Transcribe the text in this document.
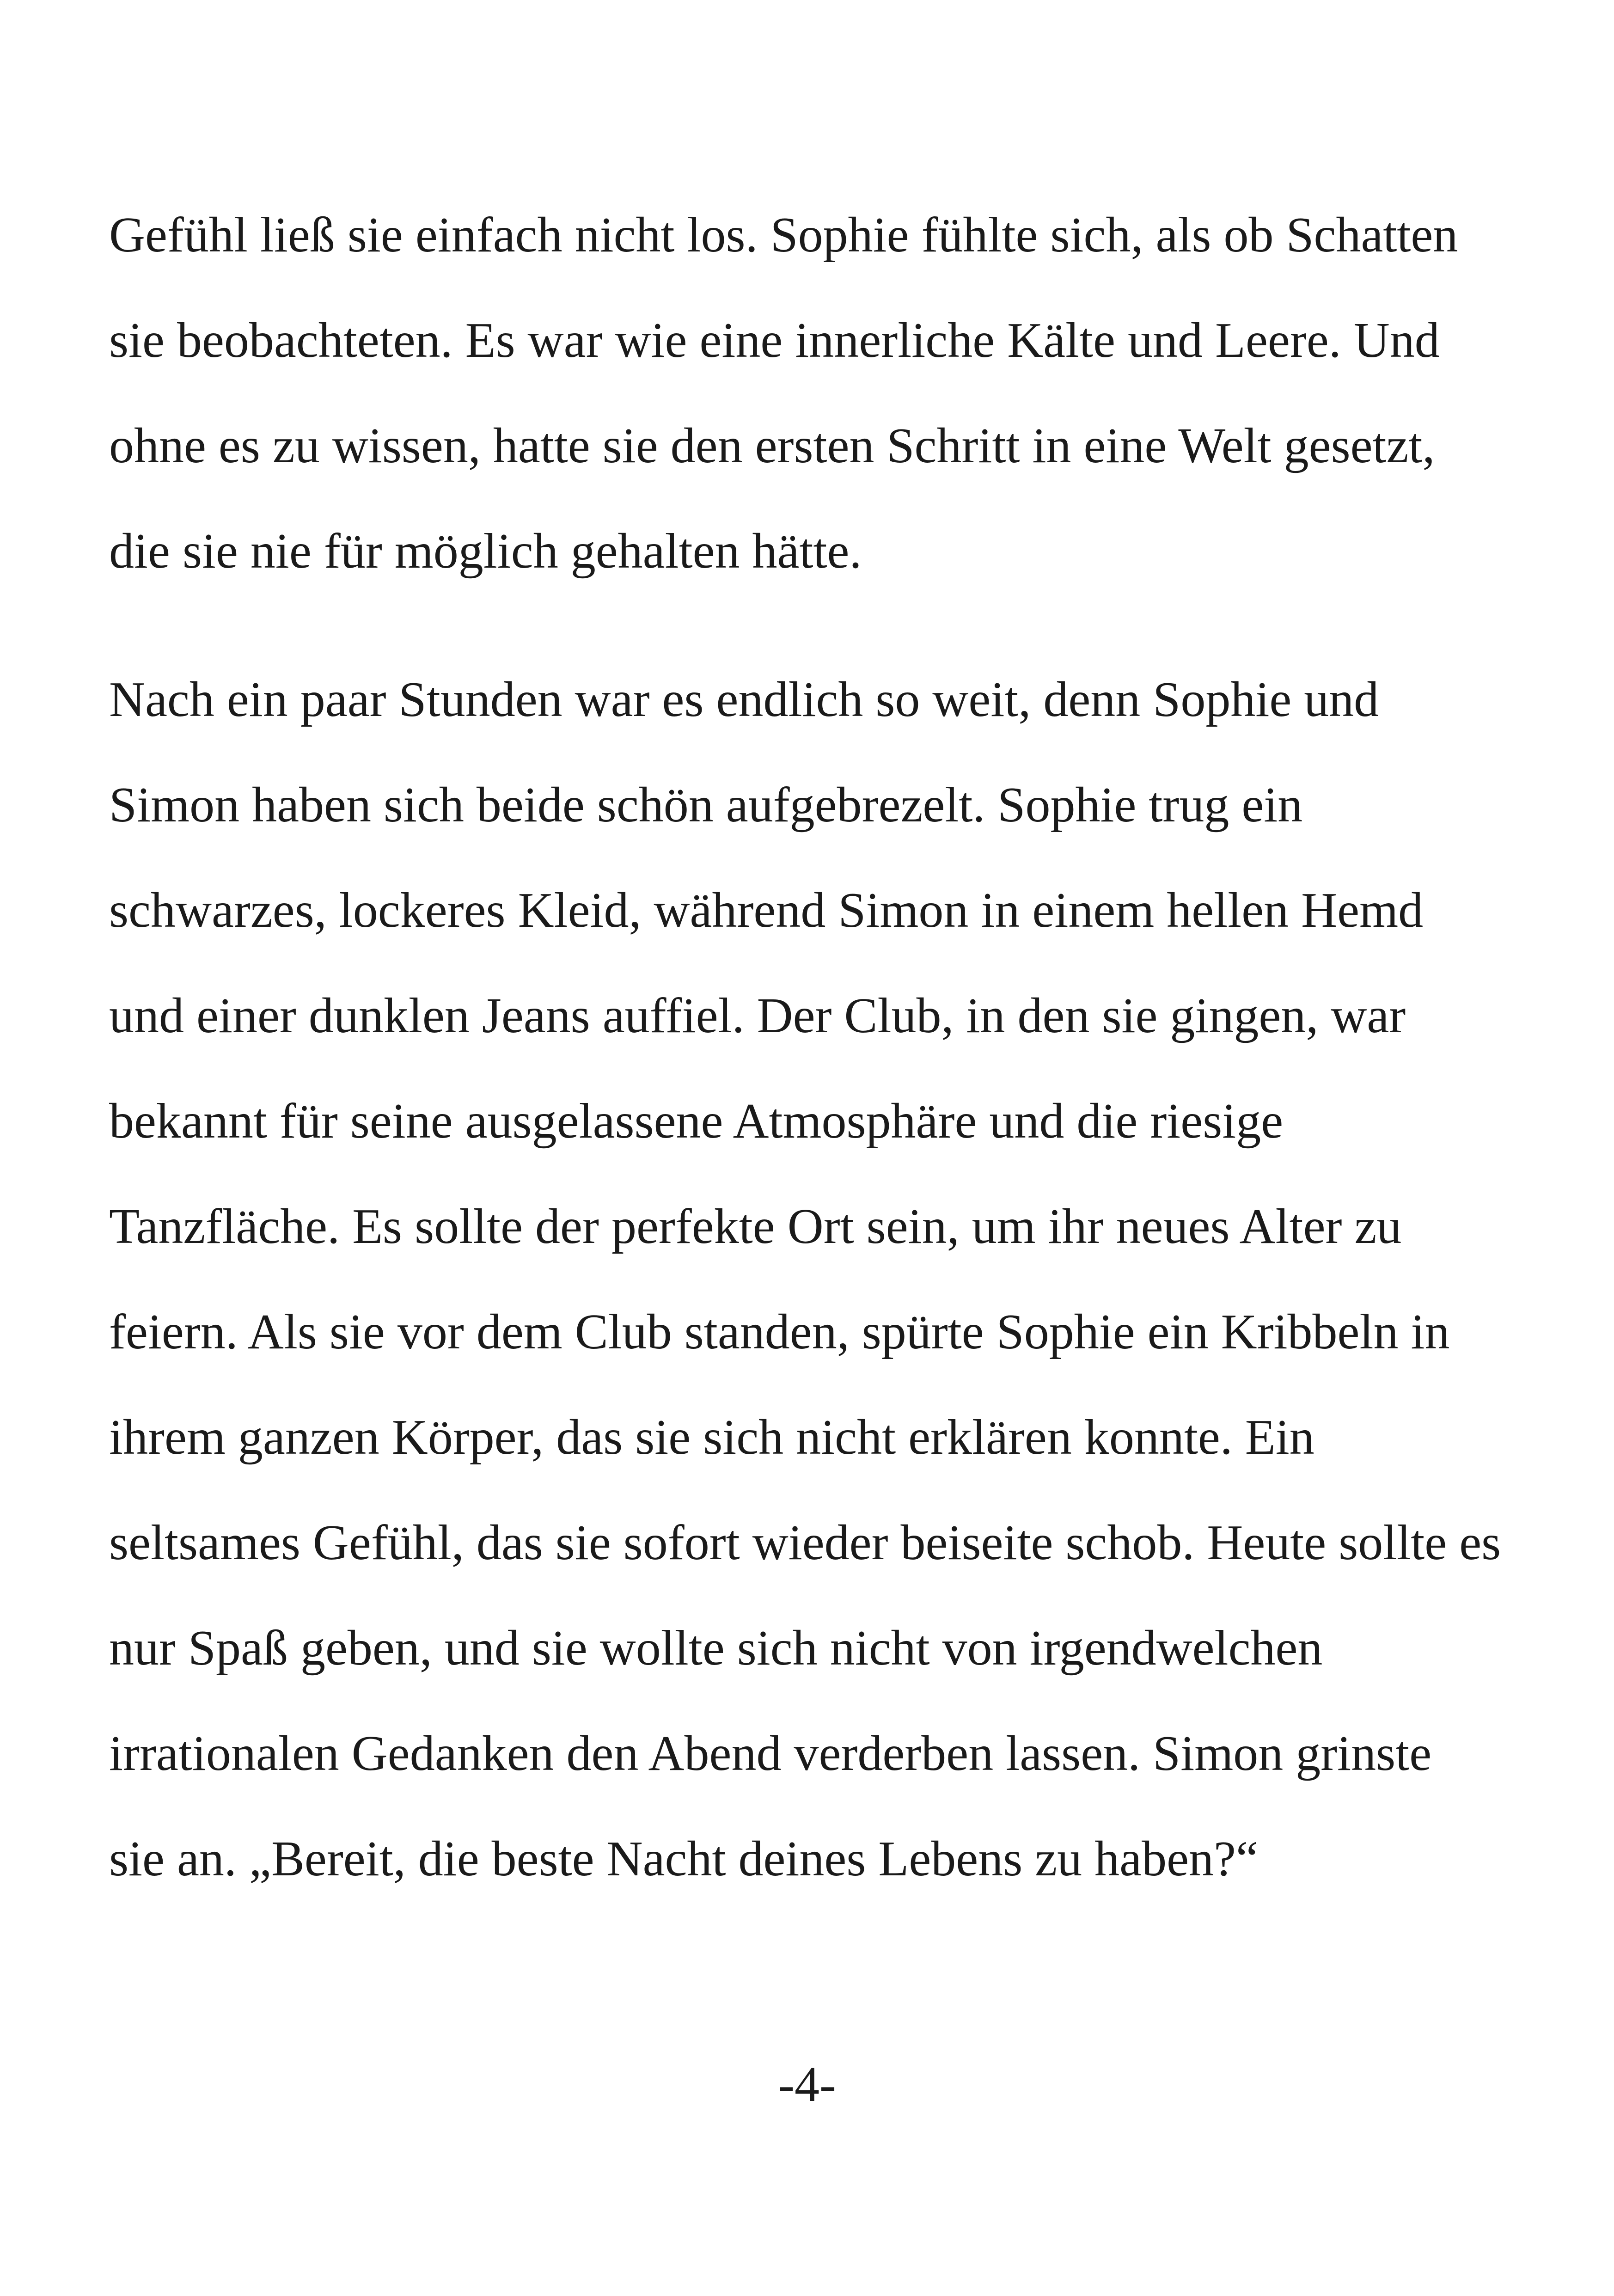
Gefühl ließ sie einfach nicht los. Sophie fühlte sich, als ob Schatten
sie beobachteten. Es war wie eine innerliche Kälte und Leere. Und
ohne es zu wissen, hatte sie den ersten Schritt in eine Welt gesetzt,
die sie nie für möglich gehalten hätte.
Nach ein paar Stunden war es endlich so weit, denn Sophie und
Simon haben sich beide schön aufgebrezelt. Sophie trug ein
schwarzes, lockeres Kleid, während Simon in einem hellen Hemd
und einer dunklen Jeans auffiel. Der Club, in den sie gingen, war
bekannt für seine ausgelassene Atmosphäre und die riesige
Tanzfläche. Es sollte der perfekte Ort sein, um ihr neues Alter zu
feiern. Als sie vor dem Club standen, spürte Sophie ein Kribbeln in
ihrem ganzen Körper, das sie sich nicht erklären konnte. Ein
seltsames Gefühl, das sie sofort wieder beiseite schob. Heute sollte es
nur Spaß geben, und sie wollte sich nicht von irgendwelchen
irrationalen Gedanken den Abend verderben lassen. Simon grinste
sie an. „Bereit, die beste Nacht deines Lebens zu haben?“
-4-
